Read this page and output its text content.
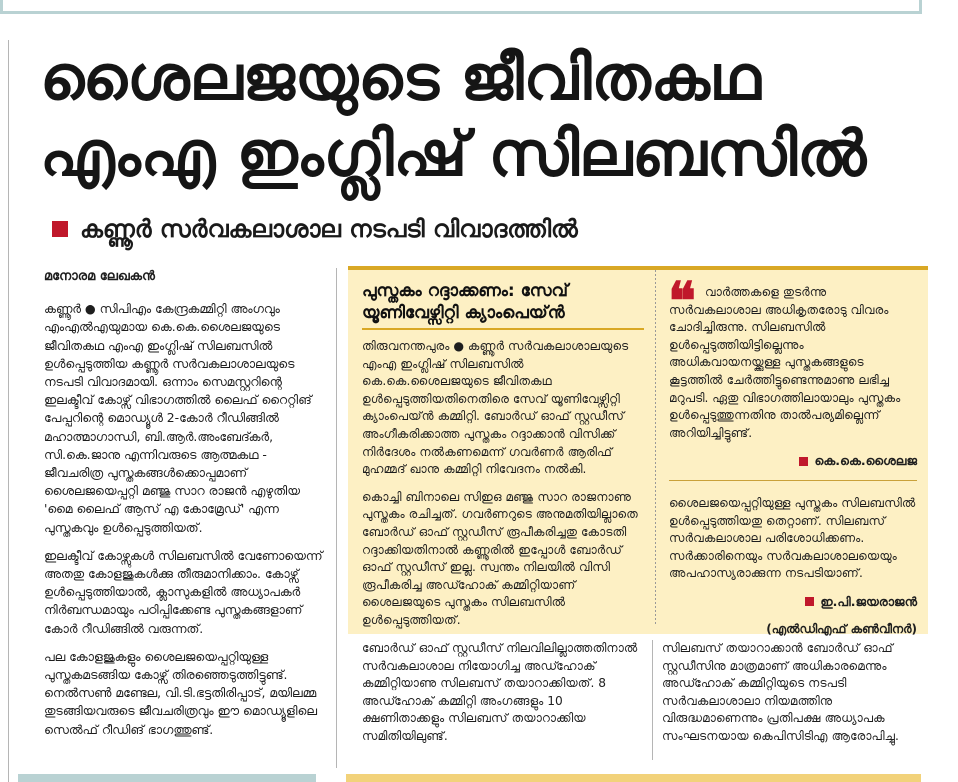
ശൈലജയുടെ ജീവിതകഥ
എംഎ ഇംഗ്ലിഷ് സിലബസിൽ
കണ്ണൂർ സർവകലാശാല നടപടി വിവാദത്തിൽ
മനോരമ ലേഖകൻ

കണ്ണൂർ ● സിപിഎം കേന്ദ്രകമ്മിറ്റി അംഗവും എംഎൽഎയുമായ കെ.കെ.ശൈലജയുടെ ജീവിതകഥ എംഎ ഇംഗ്ലിഷ് സിലബസിൽ ഉൾപ്പെടുത്തിയ കണ്ണൂർ സർവകലാശാലയുടെ നടപടി വിവാദമായി. ഒന്നാം സെമസ്റ്ററിന്റെ ഇലക്ടീവ് കോഴ്സ് വിഭാഗത്തിൽ ലൈഫ് റൈറ്റിങ് പേപ്പറിന്റെ മൊഡ്യൂൾ 2-കോർ റീഡിങ്ങിൽ മഹാത്മാഗാന്ധി, ബി.ആർ.അംബേദ്കർ, സി.കെ.ജാനു എന്നിവരുടെ ആത്മകഥ - ജീവചരിത്ര പുസ്തകങ്ങൾക്കൊപ്പമാണ് ശൈലജയെപ്പറ്റി മഞ്ജു സാറ രാജൻ എഴുതിയ 'മൈ ലൈഫ് ആസ് എ കോമ്രേഡ്' എന്ന പുസ്തകവും ഉൾപ്പെടുത്തിയത്.

ഇലക്ടീവ് കോഴ്സുകൾ സിലബസിൽ വേണോയെന്ന് അതതു കോളജുകൾക്കു തീരുമാനിക്കാം. കോഴ്സ് ഉൾപ്പെടുത്തിയാൽ, ക്ലാസുകളിൽ അധ്യാപകർ നിർബന്ധമായും പഠിപ്പിക്കേണ്ട പുസ്തകങ്ങളാണ് കോർ റീഡിങ്ങിൽ വരുന്നത്.

പല കോളജുകളും ശൈലജയെപ്പറ്റിയുള്ള പുസ്തകമടങ്ങിയ കോഴ്സ് തിരഞ്ഞെടുത്തിട്ടുണ്ട്. നെൽസൺ മണ്ടേല, വി.ടി.ഭട്ടതിരിപ്പാട്, മയിലമ്മ തുടങ്ങിയവരുടെ ജീവചരിത്രവും ഈ മൊഡ്യൂളിലെ സെൽഫ് റീഡിങ് ഭാഗത്തുണ്ട്.

പുസ്തകം റദ്ദാക്കണം: സേവ് യൂണിവേഴ്സിറ്റി ക്യാംപെയ്ൻ

തിരുവനന്തപുരം ● കണ്ണൂർ സർവകലാശാലയുടെ എംഎ ഇംഗ്ലിഷ് സിലബസിൽ കെ.കെ.ശൈലജയുടെ ജീവിതകഥ ഉൾപ്പെടുത്തിയതിനെതിരെ സേവ് യൂണിവേഴ്സിറ്റി ക്യാംപെയ്ൻ കമ്മിറ്റി. ബോർഡ് ഓഫ് സ്റ്റഡീസ് അംഗീകരിക്കാത്ത പുസ്തകം റദ്ദാക്കാൻ വിസിക്ക് നിർദേശം നൽകണമെന്ന് ഗവർണർ ആരിഫ് മുഹമ്മദ് ഖാനു കമ്മിറ്റി നിവേദനം നൽകി.

കൊച്ചി ബിനാലെ സിഇഒ മഞ്ജു സാറ രാജനാണു പുസ്തകം രചിച്ചത്. ഗവർണറുടെ അനുമതിയില്ലാതെ ബോർഡ് ഓഫ് സ്റ്റഡീസ് രൂപീകരിച്ചതു കോടതി റദ്ദാക്കിയതിനാൽ കണ്ണൂരിൽ ഇപ്പോൾ ബോർഡ് ഓഫ് സ്റ്റഡീസ് ഇല്ല. സ്വന്തം നിലയിൽ വിസി രൂപീകരിച്ച അഡ്ഹോക് കമ്മിറ്റിയാണ് ശൈലജയുടെ പുസ്തകം സിലബസിൽ ഉൾപ്പെടുത്തിയത്.

❝ വാർത്തകളെ തുടർന്നു സർവകലാശാല അധികൃതരോടു വിവരം ചോദിച്ചിരുന്നു. സിലബസിൽ ഉൾപ്പെടുത്തിയിട്ടില്ലെന്നും അധികവായനയ്ക്കുള്ള പുസ്തകങ്ങളുടെ കൂട്ടത്തിൽ ചേർത്തിട്ടുണ്ടെന്നുമാണു ലഭിച്ച മറുപടി. ഏതു വിഭാഗത്തിലായാലും പുസ്തകം ഉൾപ്പെടുത്തുന്നതിനു താൽപര്യമില്ലെന്ന് അറിയിച്ചിട്ടുണ്ട്.

കെ.കെ.ശൈലജ

ശൈലജയെപ്പറ്റിയുള്ള പുസ്തകം സിലബസിൽ ഉൾപ്പെടുത്തിയതു തെറ്റാണ്. സിലബസ് സർവകലാശാല പരിശോധിക്കണം. സർക്കാരിനെയും സർവകലാശാലയെയും അപഹാസ്യരാക്കുന്ന നടപടിയാണ്.

ഇ.പി.ജയരാജൻ
(എൽഡിഎഫ് കൺവീനർ)
ബോർഡ് ഓഫ് സ്റ്റഡീസ് നിലവിലില്ലാത്തതിനാൽ സർവകലാശാല നിയോഗിച്ച അഡ്ഹോക് കമ്മിറ്റിയാണു സിലബസ് തയാറാക്കിയത്. 8 അഡ്ഹോക് കമ്മിറ്റി അംഗങ്ങളും 10 ക്ഷണിതാക്കളും സിലബസ് തയാറാക്കിയ സമിതിയിലുണ്ട്.
സിലബസ് തയാറാക്കാൻ ബോർഡ് ഓഫ് സ്റ്റഡീസിനു മാത്രമാണ് അധികാരമെന്നും അഡ്ഹോക് കമ്മിറ്റിയുടെ നടപടി സർവകലാശാലാ നിയമത്തിനു വിരുദ്ധമാണെന്നും പ്രതിപക്ഷ അധ്യാപക സംഘടനയായ കെപിസിടിഎ ആരോപിച്ചു.
